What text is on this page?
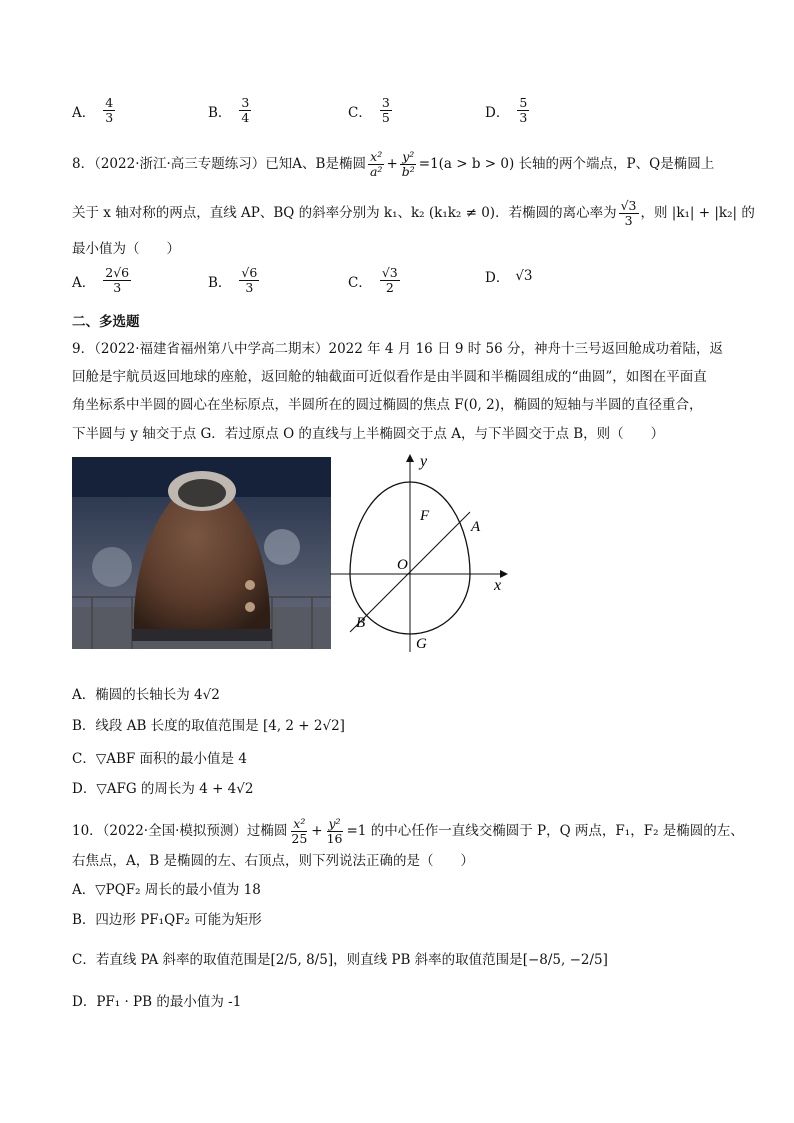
A． $\frac{4}{3}$	B． $\frac{3}{4}$	C． $\frac{3}{5}$	D． $\frac{5}{3}$
8．（2022·浙江·高三专题练习）已知A、B是椭圆 $\frac{\text{x²}}{\text{a²}} + \frac{\text{y²}}{\text{b²}} =1(a > b > 0)$ 长轴的两个端点，P、Q是椭圆上
关于 x 轴对称的两点，直线 AP、BQ 的斜率分别为 k₁、k₂ (k₁k₂ ≠ 0)．若椭圆的离心率为 $\frac{√3}{3}$ ，则 |k₁| + |k₂| 的
最小值为（　　）
A． $\frac{2√6}{3}$	B． $\frac{√6}{3}$	C． $\frac{√3}{2}$	D． √3
二、多选题
9．（2022·福建省福州第八中学高二期末）2022 年 4 月 16 日 9 时 56 分，神舟十三号返回舱成功着陆，返
回舱是宇航员返回地球的座舱，返回舱的轴截面可近似看作是由半圆和半椭圆组成的“曲圆”，如图在平面直
角坐标系中半圆的圆心在坐标原点，半圆所在的圆过椭圆的焦点 F(0, 2)，椭圆的短轴与半圆的直径重合，
下半圆与 y 轴交于点 G．若过原点 O 的直线与上半椭圆交于点 A，与下半圆交于点 B，则（　　）
y
x
F
A
O
B
G
A．椭圆的长轴长为 4√2
B．线段 AB 长度的取值范围是 [4, 2 + 2√2]
C．▽ABF 面积的最小值是 4
D．▽AFG 的周长为 4 + 4√2
10．（2022·全国·模拟预测）过椭圆 $\frac{\text{x²}}{25} + \frac{\text{y²}}{16} =1$ 的中心任作一直线交椭圆于 P，Q 两点，F₁，F₂ 是椭圆的左、
右焦点，A，B 是椭圆的左、右顶点，则下列说法正确的是（　　）
A．▽PQF₂ 周长的最小值为 18
B．四边形 PF₁QF₂ 可能为矩形
C．若直线 PA 斜率的取值范围是[2/5, 8/5]，则直线 PB 斜率的取值范围是[−8/5, −2/5]
D．PF₁ · PB 的最小值为 -1
